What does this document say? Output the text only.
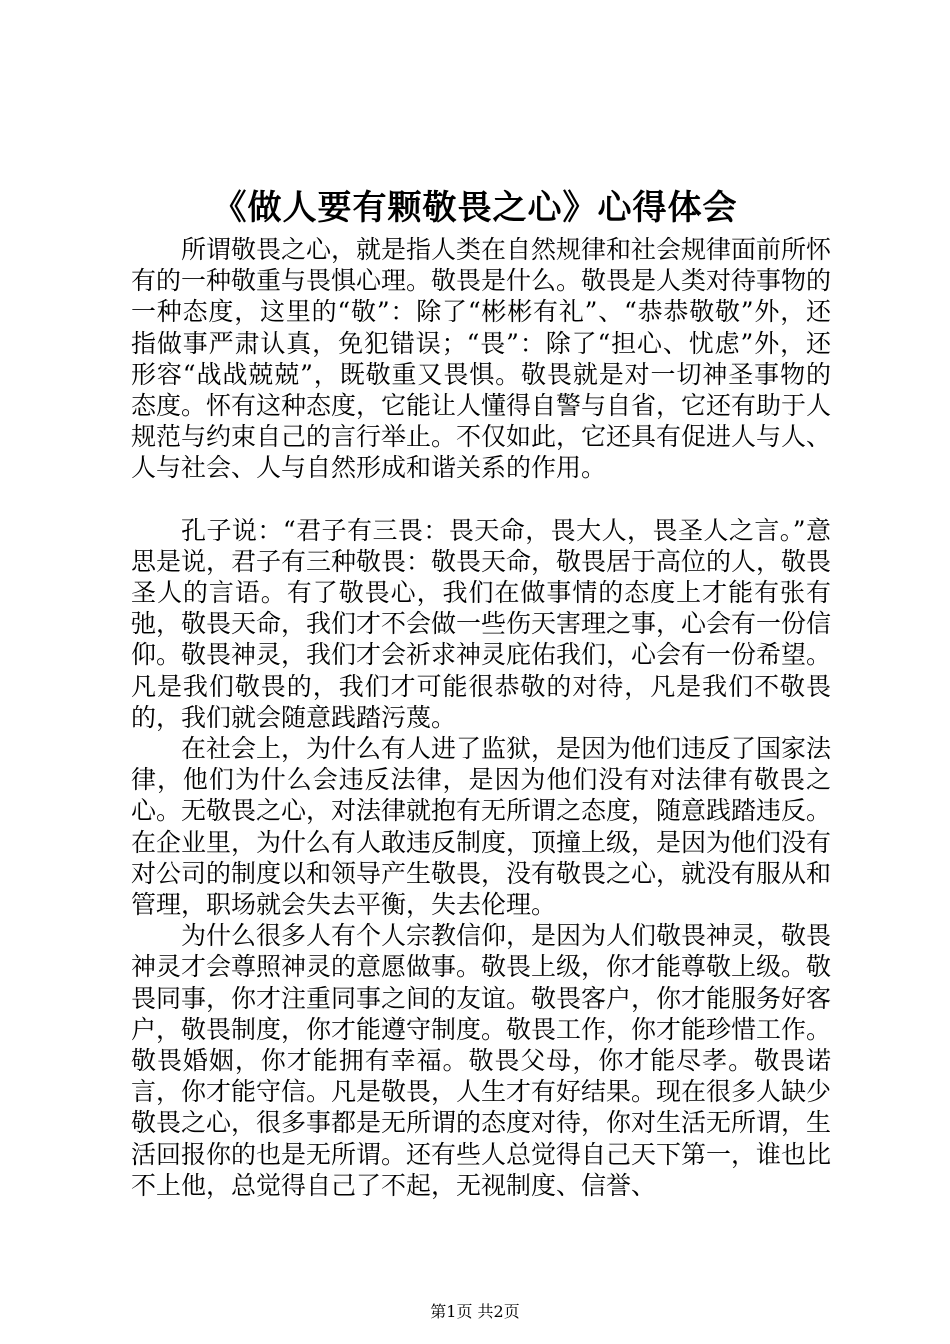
《做人要有颗敬畏之心》心得体会

所谓敬畏之心，就是指人类在自然规律和社会规律面前所怀有的一种敬重与畏惧心理。敬畏是什么。敬畏是人类对待事物的一种态度，这里的“敬”：除了“彬彬有礼”、“恭恭敬敬”外，还指做事严肃认真，免犯错误；“畏”：除了“担心、忧虑”外，还形容“战战兢兢”，既敬重又畏惧。敬畏就是对一切神圣事物的态度。怀有这种态度，它能让人懂得自警与自省，它还有助于人规范与约束自己的言行举止。不仅如此，它还具有促进人与人、人与社会、人与自然形成和谐关系的作用。

孔子说：“君子有三畏：畏天命，畏大人，畏圣人之言。”意思是说，君子有三种敬畏：敬畏天命，敬畏居于高位的人，敬畏圣人的言语。有了敬畏心，我们在做事情的态度上才能有张有弛，敬畏天命，我们才不会做一些伤天害理之事，心会有一份信仰。敬畏神灵，我们才会祈求神灵庇佑我们，心会有一份希望。凡是我们敬畏的，我们才可能很恭敬的对待，凡是我们不敬畏的，我们就会随意践踏污蔑。

在社会上，为什么有人进了监狱，是因为他们违反了国家法律，他们为什么会违反法律，是因为他们没有对法律有敬畏之心。无敬畏之心，对法律就抱有无所谓之态度，随意践踏违反。在企业里，为什么有人敢违反制度，顶撞上级，是因为他们没有对公司的制度以和领导产生敬畏，没有敬畏之心，就没有服从和管理，职场就会失去平衡，失去伦理。

为什么很多人有个人宗教信仰，是因为人们敬畏神灵，敬畏神灵才会尊照神灵的意愿做事。敬畏上级，你才能尊敬上级。敬畏同事，你才注重同事之间的友谊。敬畏客户，你才能服务好客户，敬畏制度，你才能遵守制度。敬畏工作，你才能珍惜工作。敬畏婚姻，你才能拥有幸福。敬畏父母，你才能尽孝。敬畏诺言，你才能守信。凡是敬畏，人生才有好结果。现在很多人缺少敬畏之心，很多事都是无所谓的态度对待，你对生活无所谓，生活回报你的也是无所谓。还有些人总觉得自己天下第一，谁也比不上他，总觉得自己了不起，无视制度、信誉、

第1页 共2页
